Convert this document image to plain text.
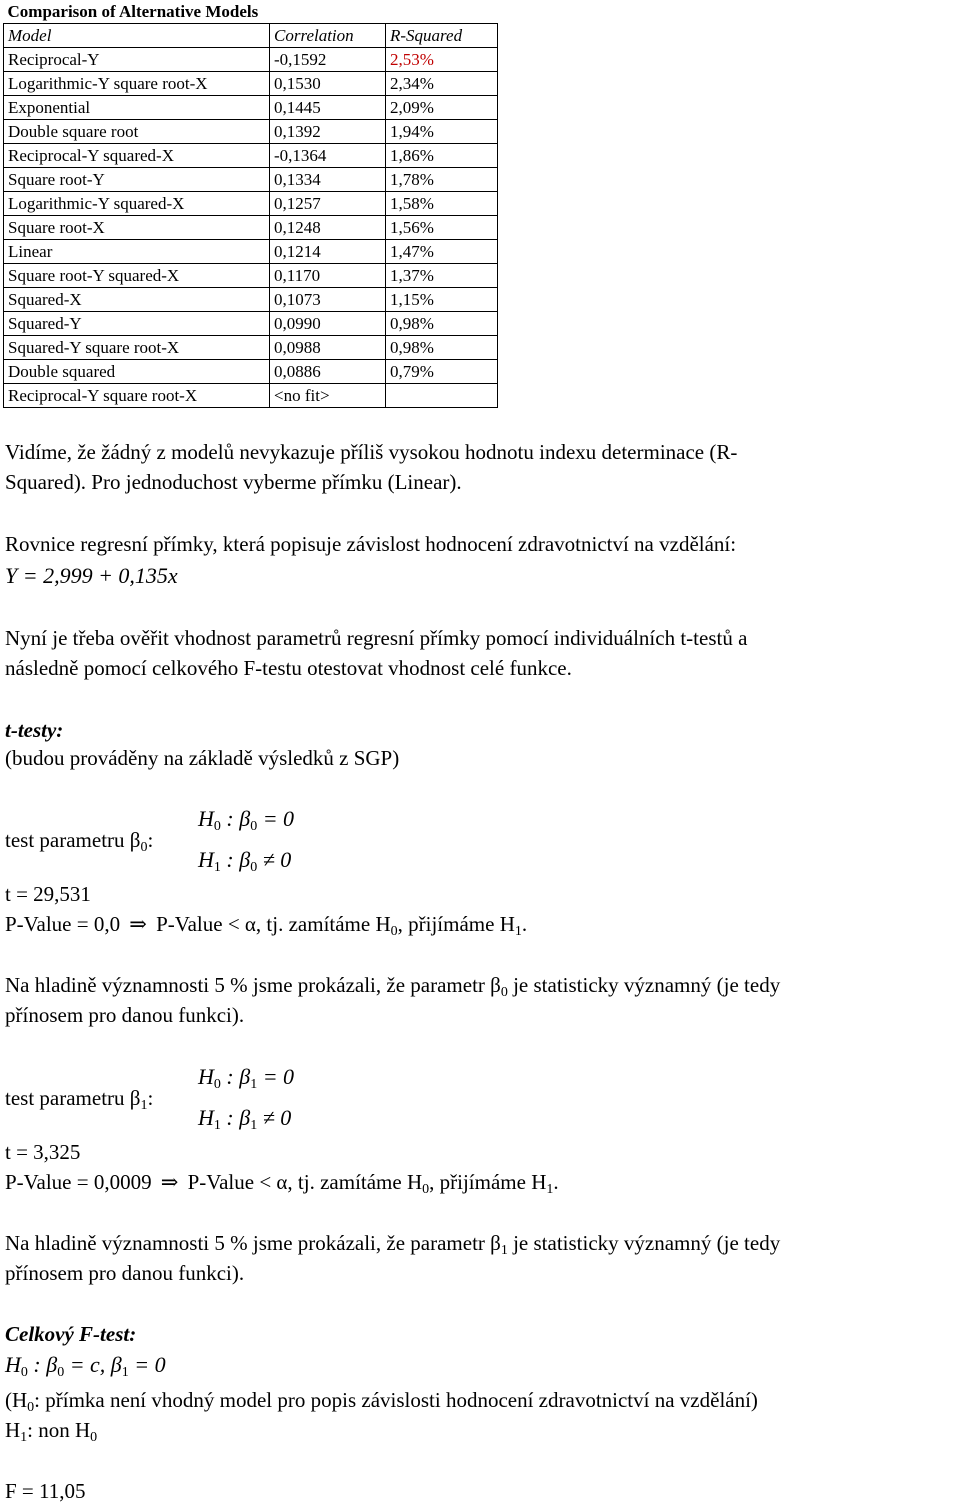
Comparison of Alternative Models		
Model	Correlation	R-Squared
Reciprocal-Y	-0,1592	2,53%
Logarithmic-Y square root-X	0,1530	2,34%
Exponential	0,1445	2,09%
Double square root	0,1392	1,94%
Reciprocal-Y squared-X	-0,1364	1,86%
Square root-Y	0,1334	1,78%
Logarithmic-Y squared-X	0,1257	1,58%
Square root-X	0,1248	1,56%
Linear	0,1214	1,47%
Square root-Y squared-X	0,1170	1,37%
Squared-X	0,1073	1,15%
Squared-Y	0,0990	0,98%
Squared-Y square root-X	0,0988	0,98%
Double squared	0,0886	0,79%
Reciprocal-Y square root-X	<no fit>	
Vidíme, že žádný z modelů nevykazuje příliš vysokou hodnotu indexu determinace (R-
Squared). Pro jednoduchost vyberme přímku (Linear).
Rovnice regresní přímky, která popisuje závislost hodnocení zdravotnictví na vzdělání:
Y = 2,999 + 0,135x
Nyní je třeba ověřit vhodnost parametrů regresní přímky pomocí individuálních t-testů a
následně pomocí celkového F-testu otestovat vhodnost celé funkce.
t-testy:
(budou prováděny na základě výsledků z SGP)
$H_0$ : $\beta_0 = 0$
test parametru $\beta_0$:
$H_1$ : $\beta_0 \ne 0$
t = 29,531
P-Value = 0,0 ⇒ P-Value < α, tj. zamítáme $H_0$, přijímáme $H_1$.
Na hladině významnosti 5 % jsme prokázali, že parametr $\beta_0$ je statisticky významný (je tedy
přínosem pro danou funkci).
$H_0$ : $\beta_1 = 0$
test parametru $\beta_1$:
$H_1$ : $\beta_1 \ne 0$
t = 3,325
P-Value = 0,0009 ⇒ P-Value < α, tj. zamítáme $H_0$, přijímáme $H_1$.
Na hladině významnosti 5 % jsme prokázali, že parametr $\beta_1$ je statisticky významný (je tedy
přínosem pro danou funkci).
Celkový F-test:
$H_0$ : $\beta_0 = c$, $\beta_1 = 0$
($H_0$: přímka není vhodný model pro popis závislosti hodnocení zdravotnictví na vzdělání)
$H_1$: non $H_0$
F = 11,05
